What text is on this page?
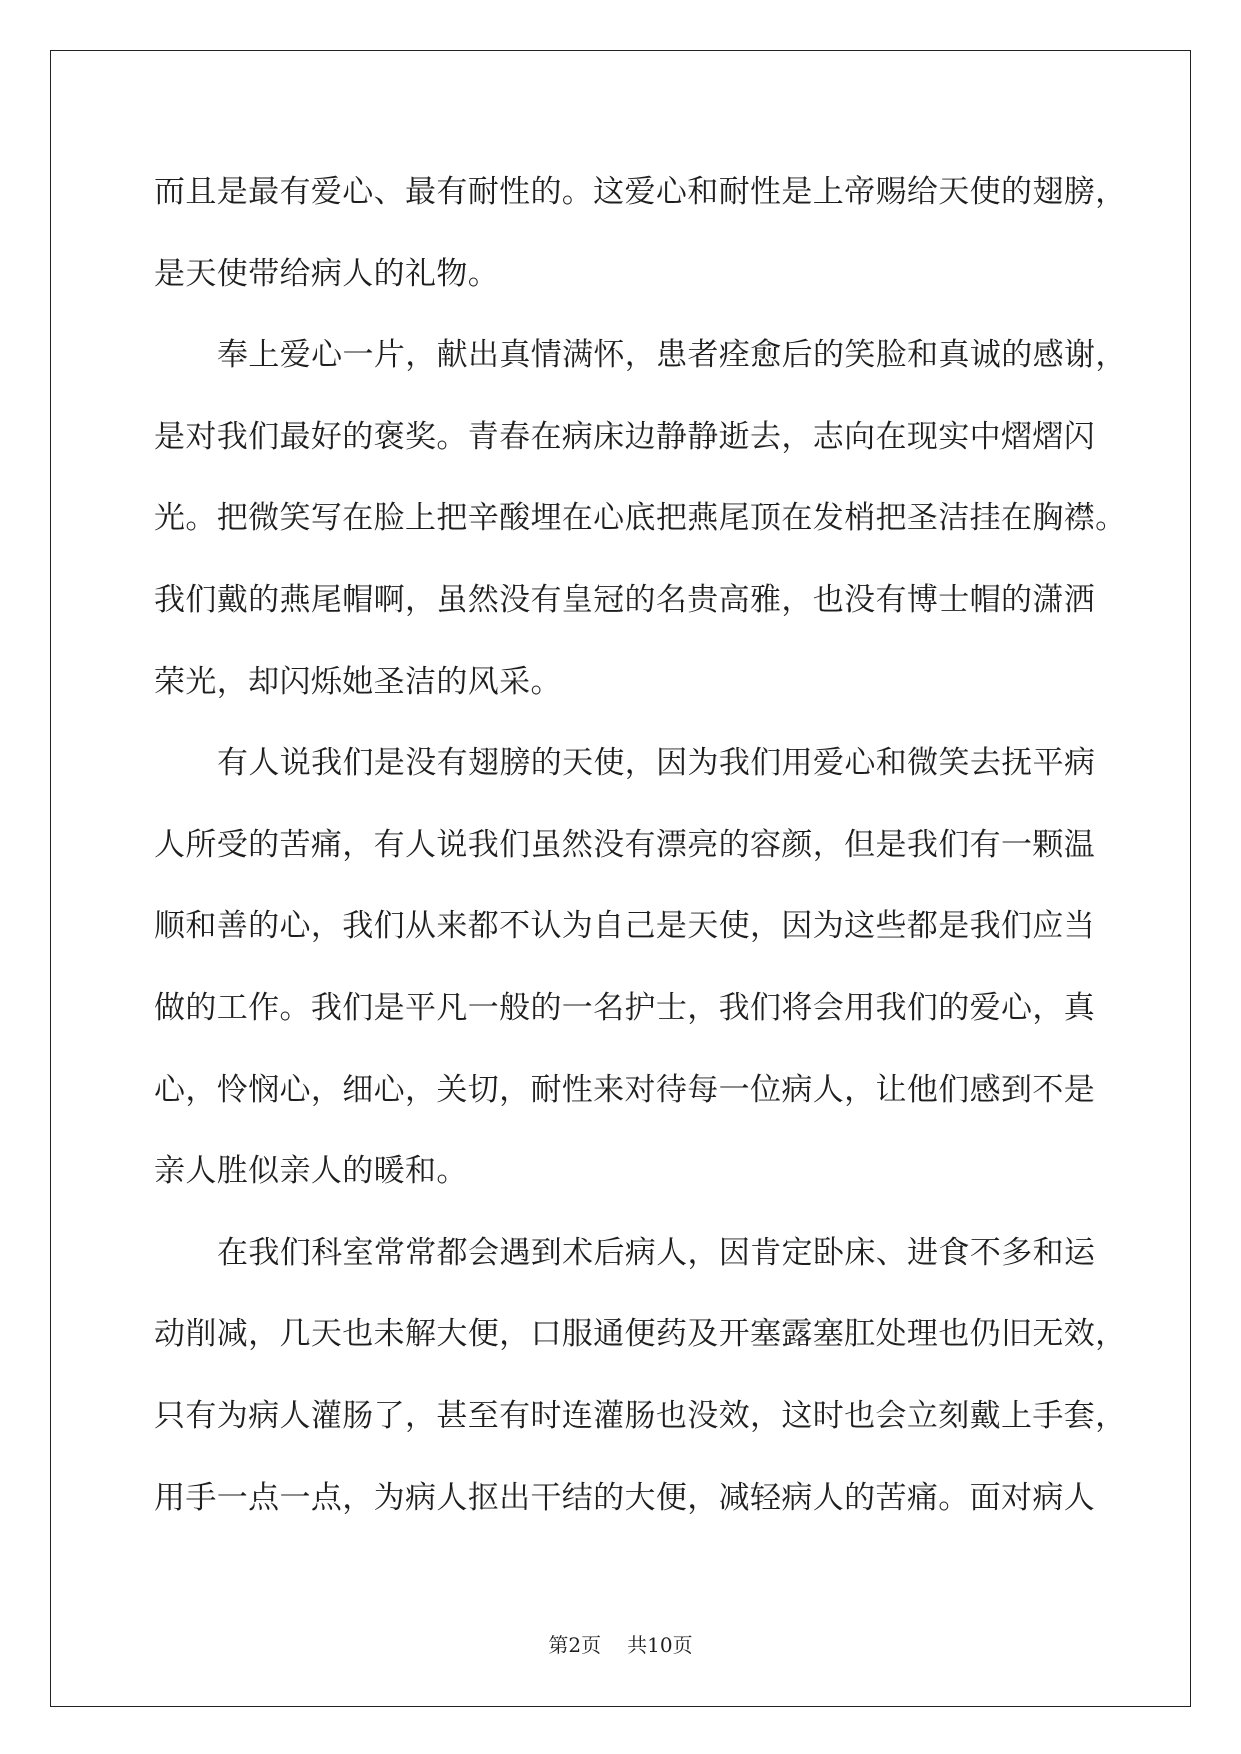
而且是最有爱心、最有耐性的。这爱心和耐性是上帝赐给天使的翅膀，
是天使带给病人的礼物。
奉上爱心一片，献出真情满怀，患者痊愈后的笑脸和真诚的感谢，
是对我们最好的褒奖。青春在病床边静静逝去，志向在现实中熠熠闪
光。把微笑写在脸上把辛酸埋在心底把燕尾顶在发梢把圣洁挂在胸襟。
我们戴的燕尾帽啊，虽然没有皇冠的名贵高雅，也没有博士帽的潇洒
荣光，却闪烁她圣洁的风采。
有人说我们是没有翅膀的天使，因为我们用爱心和微笑去抚平病
人所受的苦痛，有人说我们虽然没有漂亮的容颜，但是我们有一颗温
顺和善的心，我们从来都不认为自己是天使，因为这些都是我们应当
做的工作。我们是平凡一般的一名护士，我们将会用我们的爱心，真
心，怜悯心，细心，关切，耐性来对待每一位病人，让他们感到不是
亲人胜似亲人的暖和。
在我们科室常常都会遇到术后病人，因肯定卧床、进食不多和运
动削减，几天也未解大便，口服通便药及开塞露塞肛处理也仍旧无效，
只有为病人灌肠了，甚至有时连灌肠也没效，这时也会立刻戴上手套，
用手一点一点，为病人抠出干结的大便，减轻病人的苦痛。面对病人
第2页 共10页
